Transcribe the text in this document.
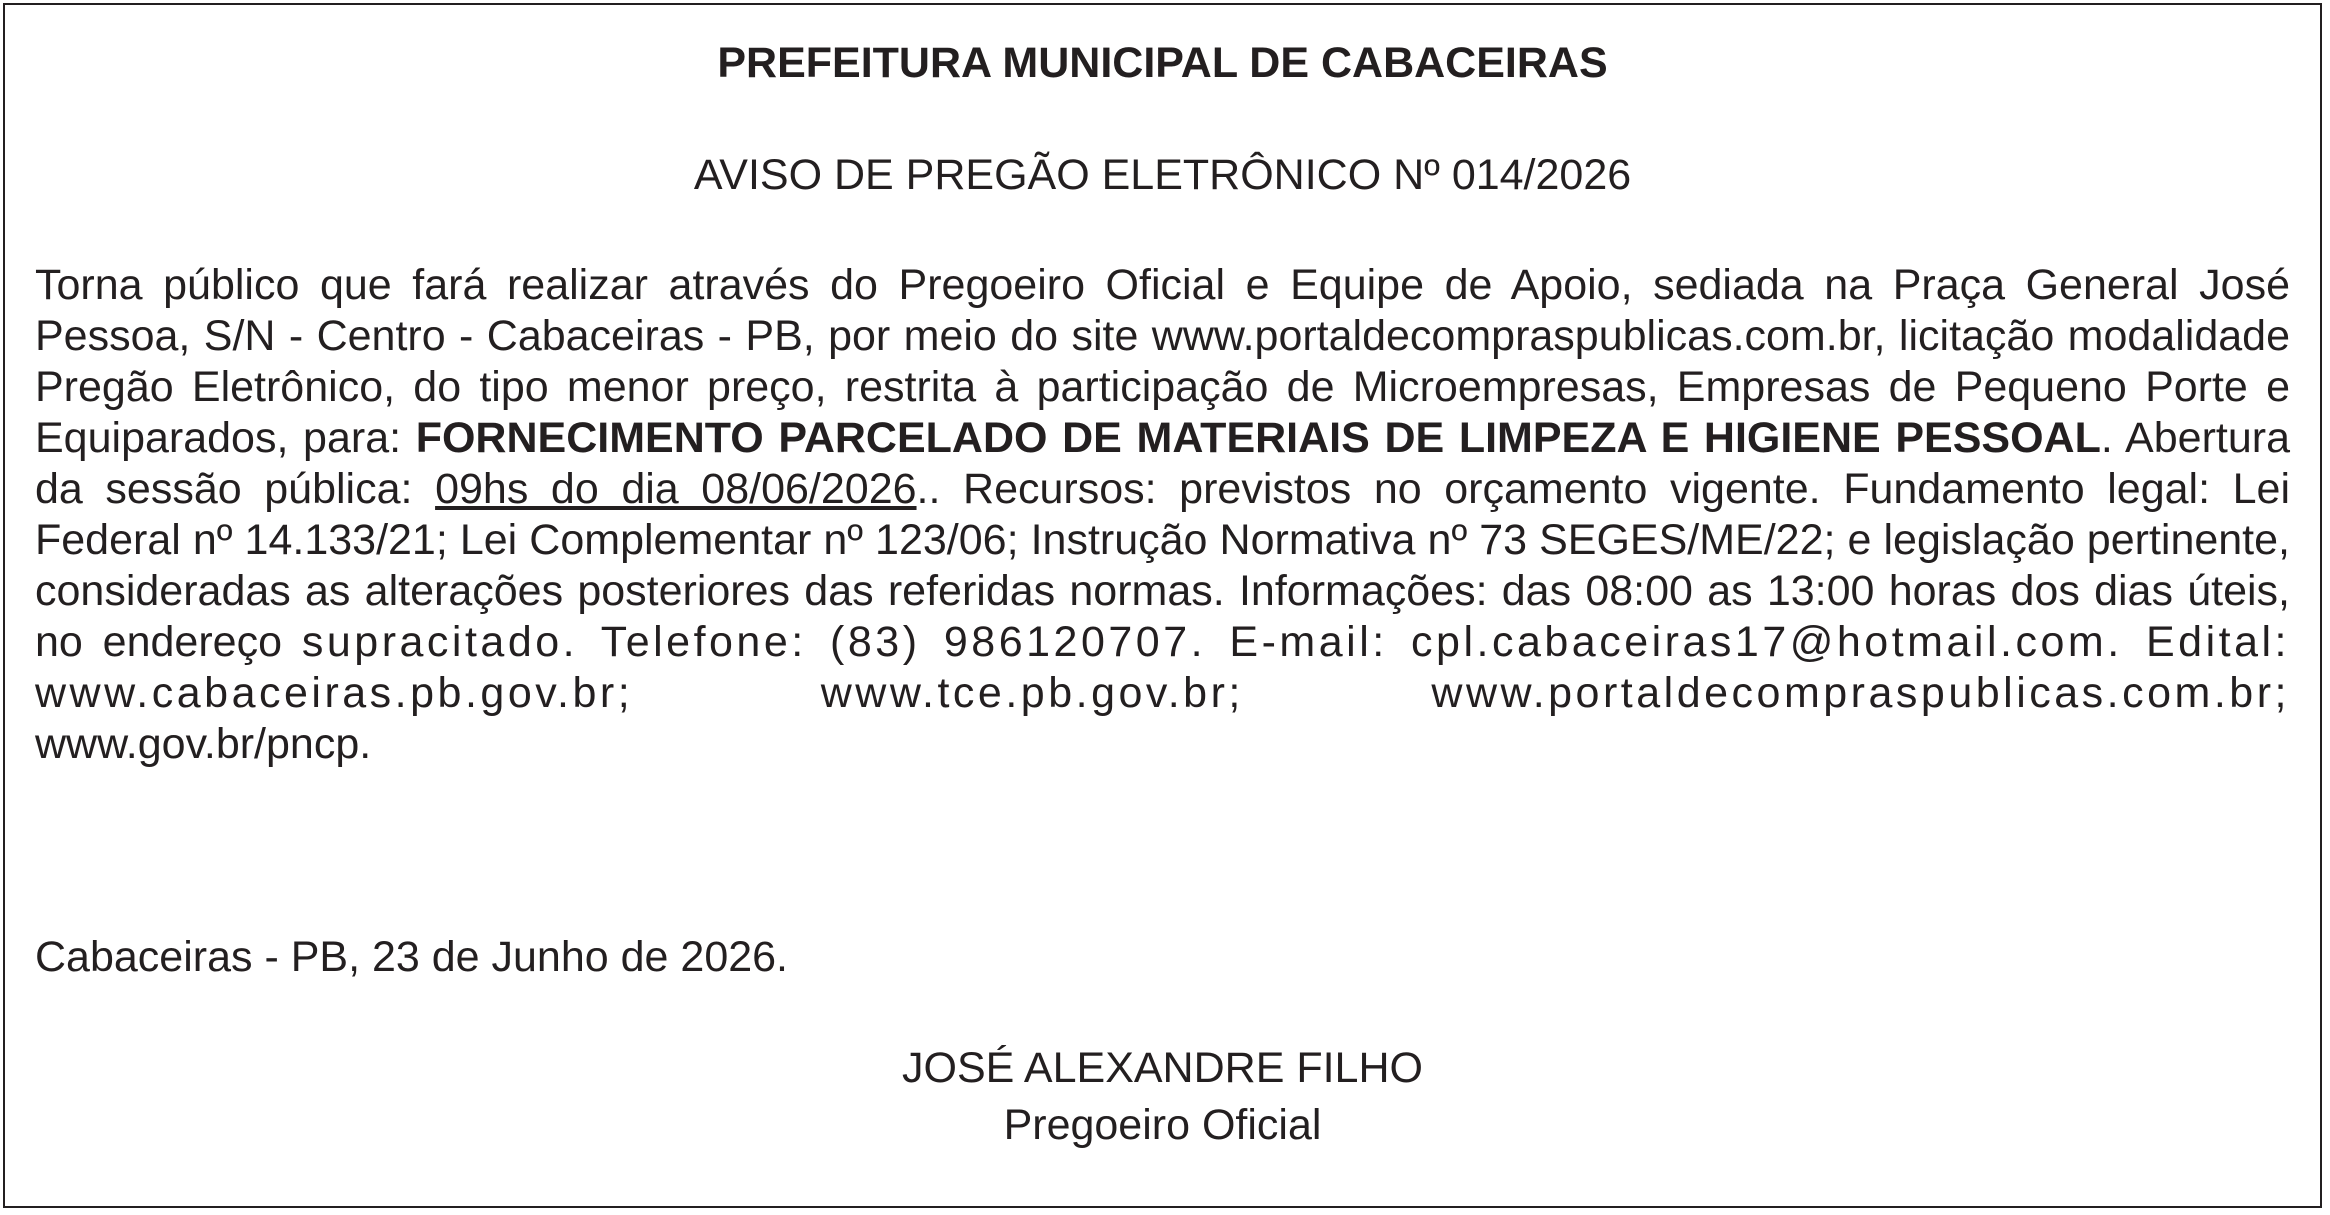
PREFEITURA MUNICIPAL DE CABACEIRAS
AVISO DE PREGÃO ELETRÔNICO Nº 014/2026

Torna público que fará realizar através do Pregoeiro Oficial e Equipe de Apoio, sediada na Praça General José Pessoa, S/N - Centro - Cabaceiras - PB, por meio do site www.portaldecompraspublicas.com.br, licitação modalidade Pregão Eletrônico, do tipo menor preço, restrita à participação de Microempresas, Empresas de Pequeno Porte e Equiparados, para: FORNECIMENTO PARCELADO DE MATERIAIS DE LIMPEZA E HIGIENE PESSOAL. Abertura da sessão pública: 09hs do dia 08/06/2026.. Recursos: previstos no orçamento vigente. Fundamento legal: Lei Federal nº 14.133/21; Lei Complementar nº 123/06; Instrução Normativa nº 73 SEGES/ME/22; e legislação pertinente, consideradas as alterações posteriores das referidas normas. Informações: das 08:00 as 13:00 horas dos dias úteis, no endereço supracitado. Telefone: (83) 986120707. E-mail: cpl.cabaceiras17@hotmail.com. Edital: www.cabaceiras.pb.gov.br; www.tce.pb.gov.br; www.portaldecompraspublicas.com.br; www.gov.br/pncp.

Cabaceiras - PB, 23 de Junho de 2026.
JOSÉ ALEXANDRE FILHO
Pregoeiro Oficial
